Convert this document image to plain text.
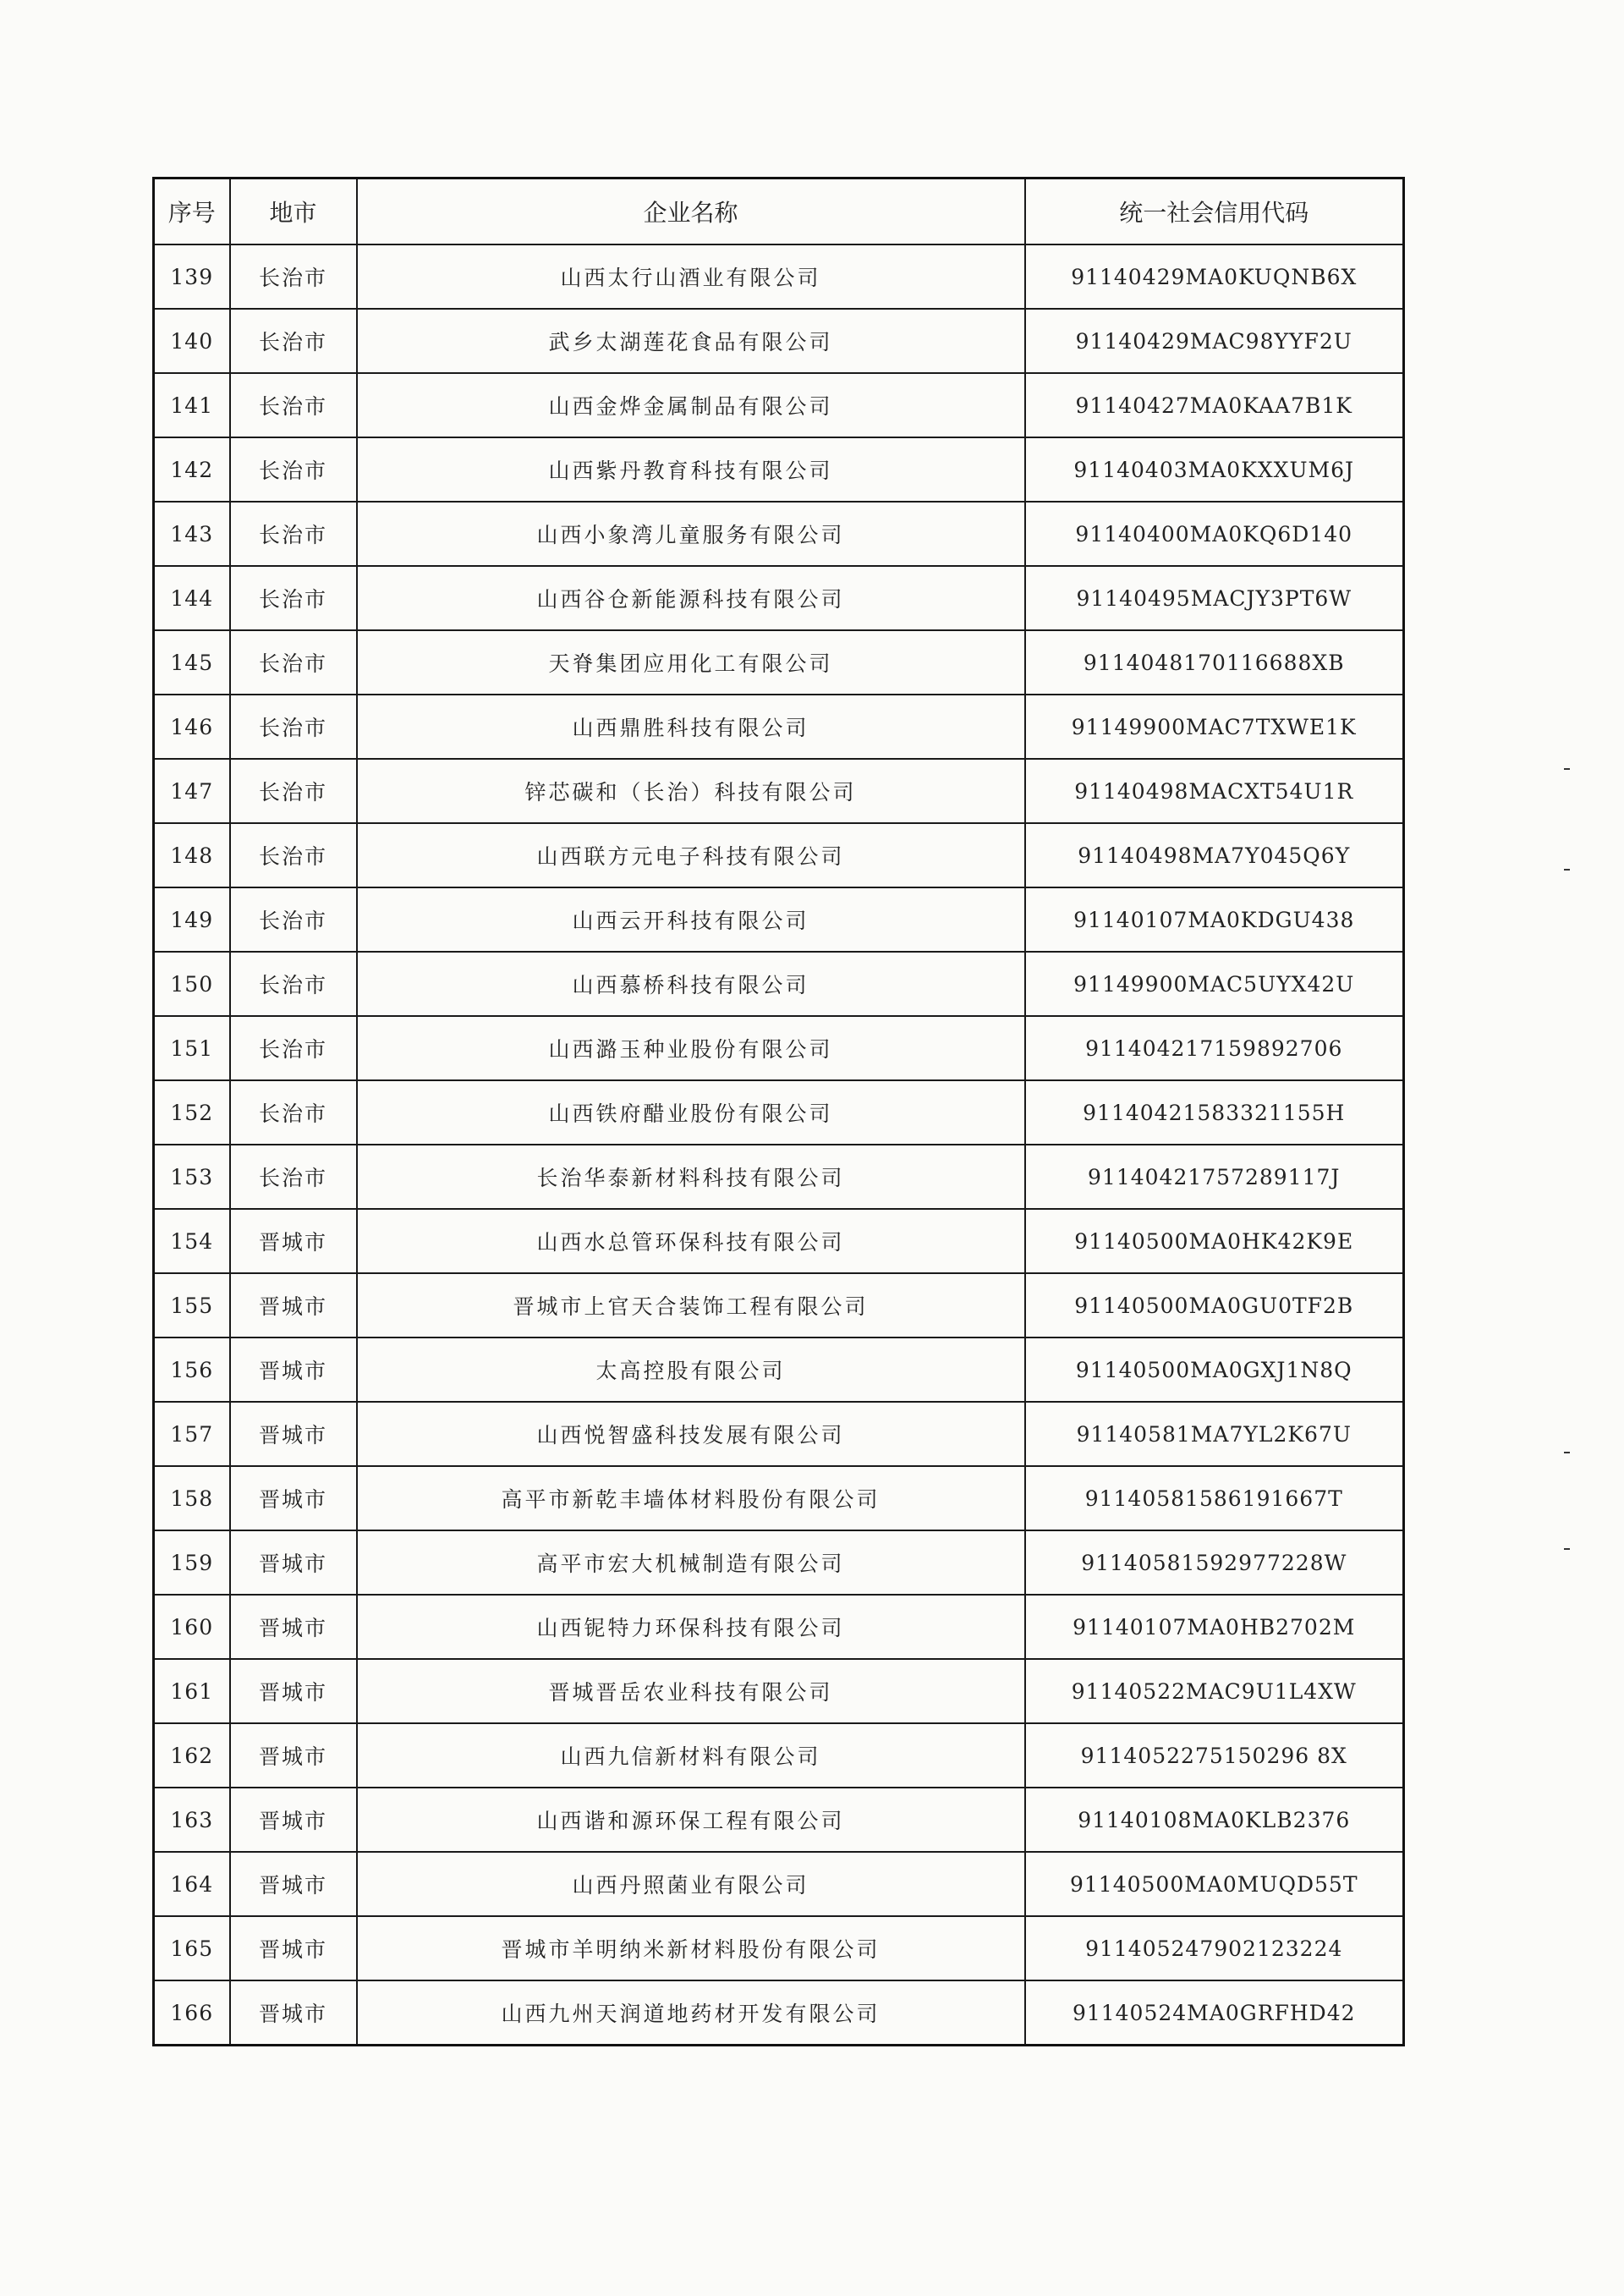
序号	地市	企业名称	统一社会信用代码
139	长治市	山西太行山酒业有限公司	91140429MA0KUQNB6X
140	长治市	武乡太湖莲花食品有限公司	91140429MAC98YYF2U
141	长治市	山西金烨金属制品有限公司	91140427MA0KAA7B1K
142	长治市	山西紫丹教育科技有限公司	91140403MA0KXXUM6J
143	长治市	山西小象湾儿童服务有限公司	91140400MA0KQ6D140
144	长治市	山西谷仓新能源科技有限公司	91140495MACJY3PT6W
145	长治市	天脊集团应用化工有限公司	9114048170116688XB
146	长治市	山西鼎胜科技有限公司	91149900MAC7TXWE1K
147	长治市	锌芯碳和（长治）科技有限公司	91140498MACXT54U1R
148	长治市	山西联方元电子科技有限公司	91140498MA7Y045Q6Y
149	长治市	山西云开科技有限公司	91140107MA0KDGU438
150	长治市	山西慕桥科技有限公司	91149900MAC5UYX42U
151	长治市	山西潞玉种业股份有限公司	911404217159892706
152	长治市	山西铁府醋业股份有限公司	91140421583321155H
153	长治市	长治华泰新材料科技有限公司	91140421757289117J
154	晋城市	山西水总管环保科技有限公司	91140500MA0HK42K9E
155	晋城市	晋城市上官天合装饰工程有限公司	91140500MA0GU0TF2B
156	晋城市	太高控股有限公司	91140500MA0GXJ1N8Q
157	晋城市	山西悦智盛科技发展有限公司	91140581MA7YL2K67U
158	晋城市	高平市新乾丰墙体材料股份有限公司	91140581586191667T
159	晋城市	高平市宏大机械制造有限公司	91140581592977228W
160	晋城市	山西铌特力环保科技有限公司	91140107MA0HB2702M
161	晋城市	晋城晋岳农业科技有限公司	91140522MAC9U1L4XW
162	晋城市	山西九信新材料有限公司	9114052275150296 8X
163	晋城市	山西谐和源环保工程有限公司	91140108MA0KLB2376
164	晋城市	山西丹照菌业有限公司	91140500MA0MUQD55T
165	晋城市	晋城市羊明纳米新材料股份有限公司	911405247902123224
166	晋城市	山西九州天润道地药材开发有限公司	91140524MA0GRFHD42
